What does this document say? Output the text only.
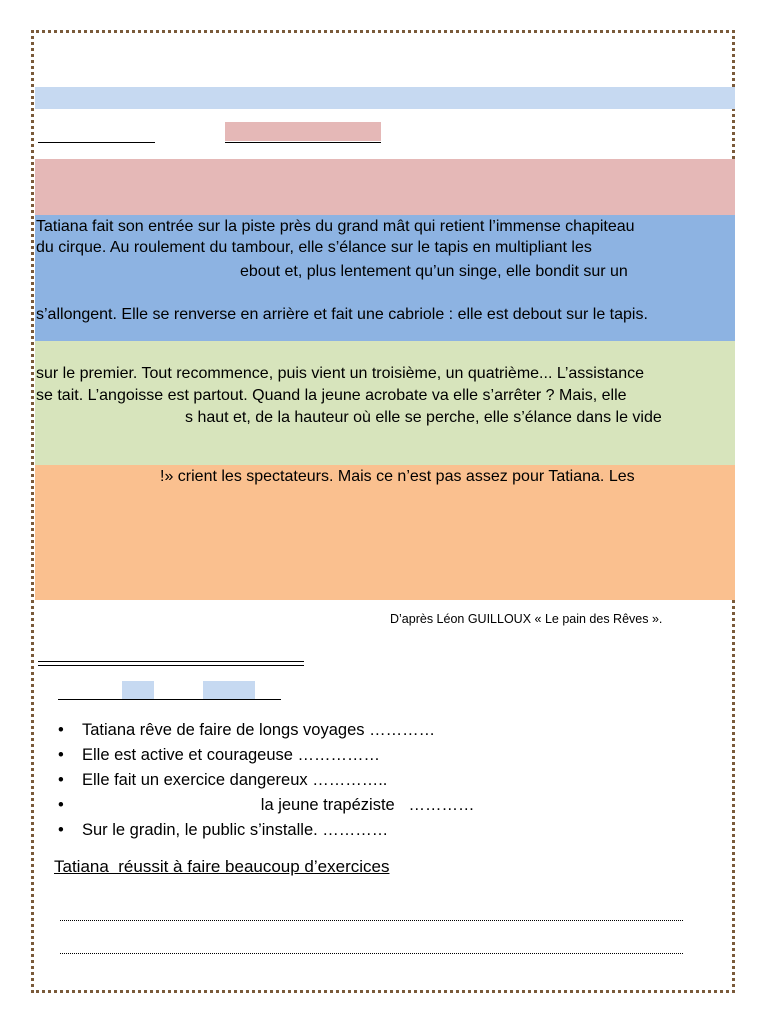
Tatiana fait son entrée sur la piste près du grand mât qui retient l’immense chapiteau
du cirque. Au roulement du tambour, elle s’élance sur le tapis en multipliant les
ebout et, plus lentement qu’un singe, elle bondit sur un
s’allongent. Elle se renverse en arrière et fait une cabriole : elle est debout sur le tapis.
sur le premier. Tout recommence, puis vient un troisième, un quatrième... L’assistance
se tait. L’angoisse est partout. Quand la jeune acrobate va elle s’arrêter ? Mais, elle
s haut et, de la hauteur où elle se perche, elle s’élance dans le vide
!» crient les spectateurs. Mais ce n’est pas assez pour Tatiana. Les
D’après Léon GUILLOUX « Le pain des Rêves ».
•	Tatiana rêve de faire de longs voyages …………
•	Elle est active et courageuse ……………
•	Elle fait un exercice dangereux …………..
•	la jeune trapéziste   …………
•	Sur le gradin, le public s’installe. …………
Tatiana  réussit à faire beaucoup d’exercices
